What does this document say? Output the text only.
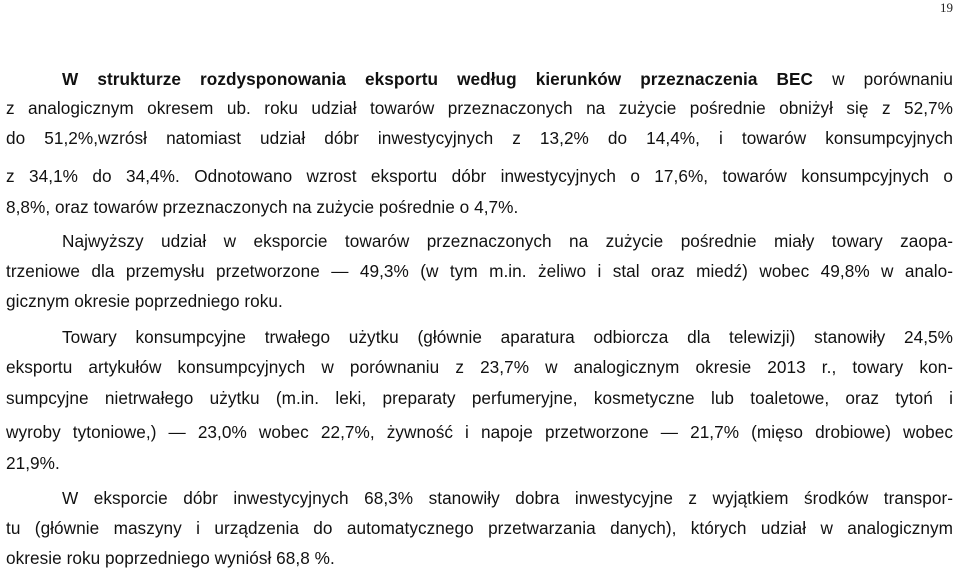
19
W strukturze rozdysponowania eksportu według kierunków przeznaczenia BEC w porównaniu
z analogicznym okresem ub. roku udział towarów przeznaczonych na zużycie pośrednie obniżył się z 52,7%
do 51,2%,wzrósł natomiast udział dóbr inwestycyjnych z 13,2% do 14,4%, i towarów konsumpcyjnych
z 34,1% do 34,4%. Odnotowano wzrost eksportu dóbr inwestycyjnych o 17,6%, towarów konsumpcyjnych o
8,8%, oraz towarów przeznaczonych na zużycie pośrednie o 4,7%.
Najwyższy udział w eksporcie towarów przeznaczonych na zużycie pośrednie miały towary zaopa-
trzeniowe dla przemysłu przetworzone — 49,3% (w tym m.in. żeliwo i stal oraz miedź) wobec 49,8% w analo-
gicznym okresie poprzedniego roku.
Towary konsumpcyjne trwałego użytku (głównie aparatura odbiorcza dla telewizji) stanowiły 24,5%
eksportu artykułów konsumpcyjnych w porównaniu z 23,7% w analogicznym okresie 2013 r., towary kon-
sumpcyjne nietrwałego użytku (m.in. leki, preparaty perfumeryjne, kosmetyczne lub toaletowe, oraz tytoń i
wyroby tytoniowe,) — 23,0% wobec 22,7%, żywność i napoje przetworzone — 21,7% (mięso drobiowe) wobec
21,9%.
W eksporcie dóbr inwestycyjnych 68,3% stanowiły dobra inwestycyjne z wyjątkiem środków transpor-
tu (głównie maszyny i urządzenia do automatycznego przetwarzania danych), których udział w analogicznym
okresie roku poprzedniego wyniósł 68,8 %.
